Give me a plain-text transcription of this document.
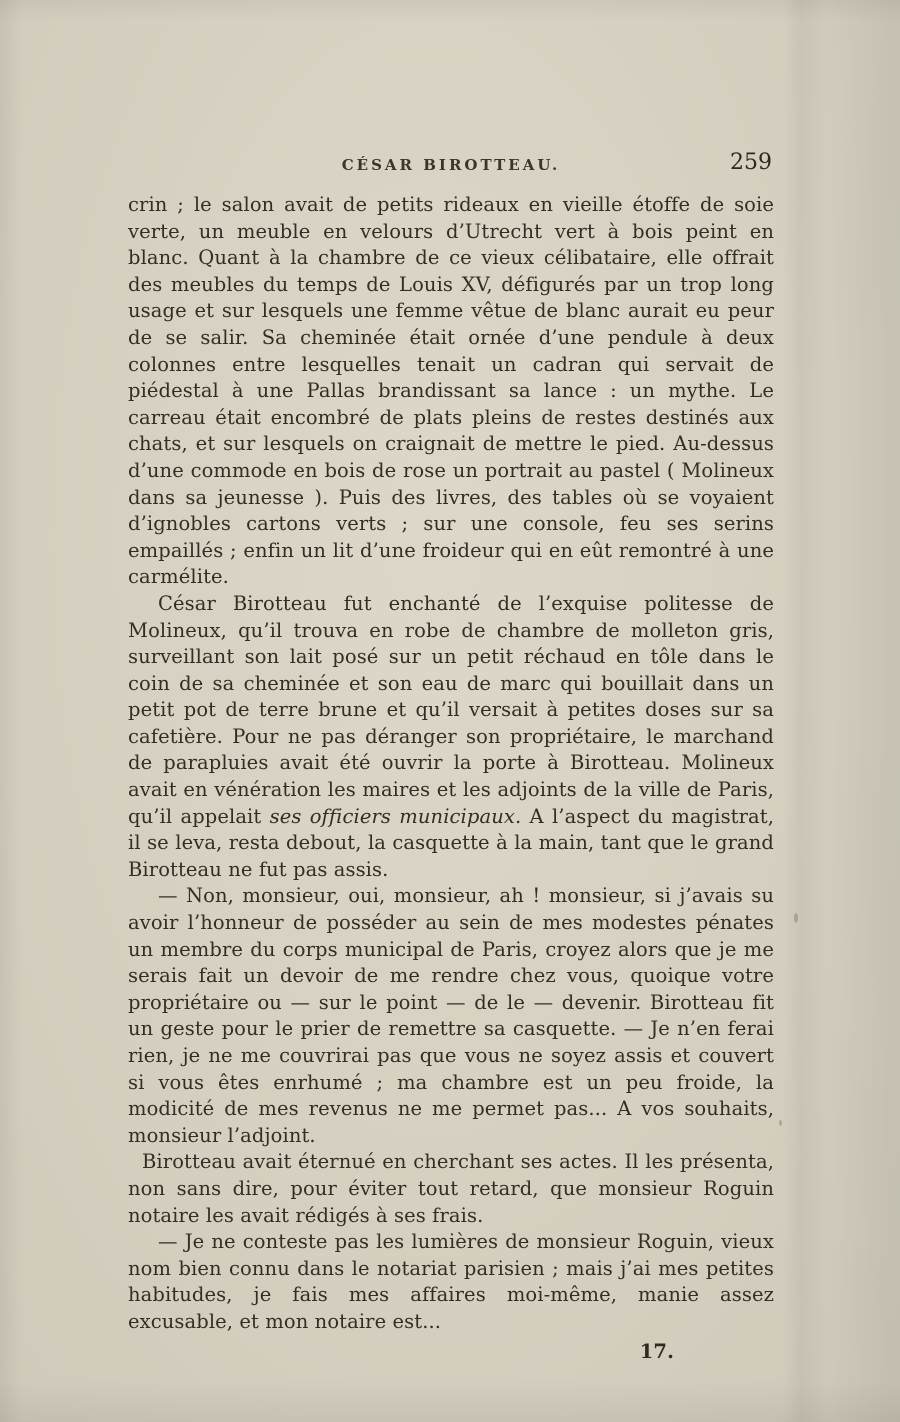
CÉSAR BIROTTEAU.	259

crin ; le salon avait de petits rideaux en vieille étoffe de soie verte, un meuble en velours d’Utrecht vert à bois peint en blanc. Quant à la chambre de ce vieux célibataire, elle offrait des meubles du temps de Louis XV, défigurés par un trop long usage et sur lesquels une femme vêtue de blanc aurait eu peur de se salir. Sa cheminée était ornée d’une pendule à deux colonnes entre lesquelles tenait un cadran qui servait de piédestal à une Pallas brandissant sa lance : un mythe. Le carreau était encombré de plats pleins de restes destinés aux chats, et sur lesquels on craignait de mettre le pied. Au-dessus d’une commode en bois de rose un portrait au pastel ( Molineux dans sa jeunesse ). Puis des livres, des tables où se voyaient d’ignobles cartons verts ; sur une console, feu ses serins empaillés ; enfin un lit d’une froideur qui en eût remontré à une carmélite.

César Birotteau fut enchanté de l’exquise politesse de Molineux, qu’il trouva en robe de chambre de molleton gris, surveillant son lait posé sur un petit réchaud en tôle dans le coin de sa cheminée et son eau de marc qui bouillait dans un petit pot de terre brune et qu’il versait à petites doses sur sa cafetière. Pour ne pas déranger son propriétaire, le marchand de parapluies avait été ouvrir la porte à Birotteau. Molineux avait en vénération les maires et les adjoints de la ville de Paris, qu’il appelait ses officiers municipaux. A l’aspect du magistrat, il se leva, resta debout, la casquette à la main, tant que le grand Birotteau ne fut pas assis.

— Non, monsieur, oui, monsieur, ah ! monsieur, si j’avais su avoir l’honneur de posséder au sein de mes modestes pénates un membre du corps municipal de Paris, croyez alors que je me serais fait un devoir de me rendre chez vous, quoique votre propriétaire ou — sur le point — de le — devenir. Birotteau fit un geste pour le prier de remettre sa casquette. — Je n’en ferai rien, je ne me couvrirai pas que vous ne soyez assis et couvert si vous êtes enrhumé ; ma chambre est un peu froide, la modicité de mes revenus ne me permet pas... A vos souhaits, monsieur l’adjoint.

Birotteau avait éternué en cherchant ses actes. Il les présenta, non sans dire, pour éviter tout retard, que monsieur Roguin notaire les avait rédigés à ses frais.

— Je ne conteste pas les lumières de monsieur Roguin, vieux nom bien connu dans le notariat parisien ; mais j’ai mes petites habitudes, je fais mes affaires moi-même, manie assez excusable, et mon notaire est...

17.
